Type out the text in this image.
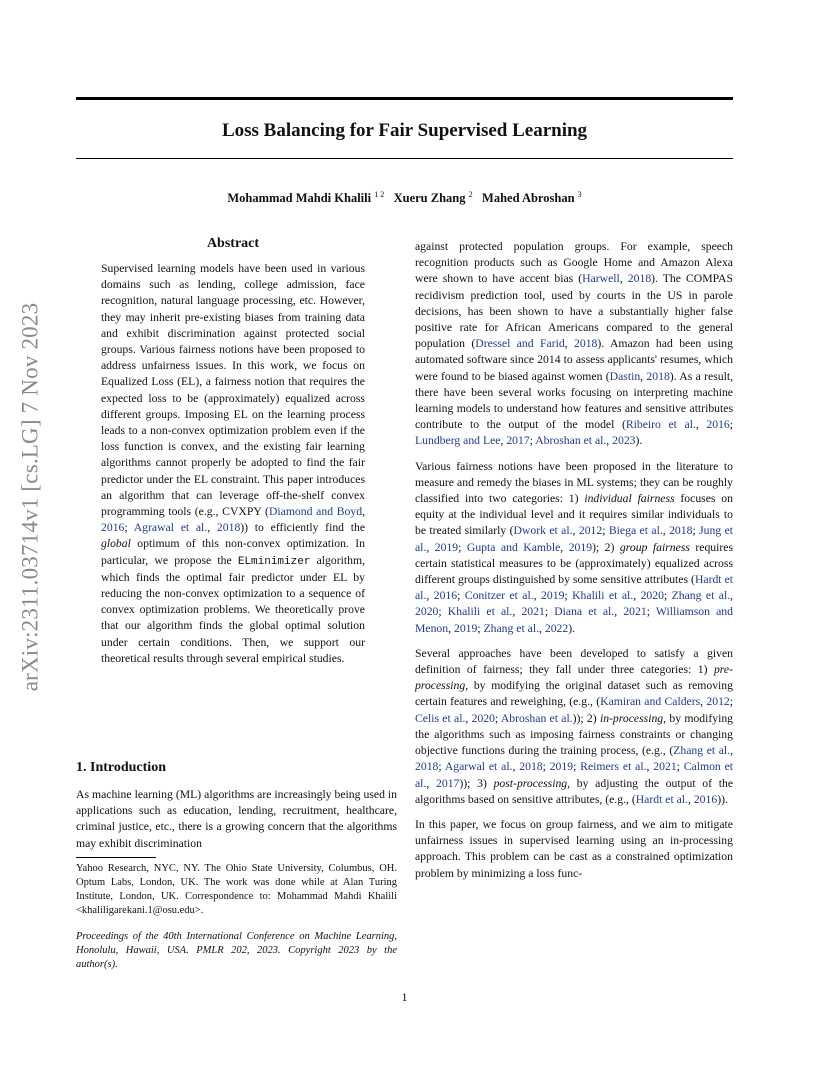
Loss Balancing for Fair Supervised Learning
Mohammad Mahdi Khalili $^{1 2}$ Xueru Zhang $^2$ Mahed Abroshan $^3$
arXiv:2311.03714v1 [cs.LG] 7 Nov 2023
Abstract

Supervised learning models have been used in various domains such as lending, college admission, face recognition, natural language processing, etc. However, they may inherit pre-existing biases from training data and exhibit discrimination against protected social groups. Various fairness notions have been proposed to address unfairness issues. In this work, we focus on Equalized Loss (EL), a fairness notion that requires the expected loss to be (approximately) equalized across different groups. Imposing EL on the learning process leads to a non-convex optimization problem even if the loss function is convex, and the existing fair learning algorithms cannot properly be adopted to find the fair predictor under the EL constraint. This paper introduces an algorithm that can leverage off-the-shelf convex programming tools (e.g., CVXPY (Diamond and Boyd, 2016; Agrawal et al., 2018)) to efficiently find the global optimum of this non-convex optimization. In particular, we propose the ELminimizer algorithm, which finds the optimal fair predictor under EL by reducing the non-convex optimization to a sequence of convex optimization problems. We theoretically prove that our algorithm finds the global optimal solution under certain conditions. Then, we support our theoretical results through several empirical studies.

1. Introduction

As machine learning (ML) algorithms are increasingly being used in applications such as education, lending, recruitment, healthcare, criminal justice, etc., there is a growing concern that the algorithms may exhibit discrimination

Yahoo Research, NYC, NY. The Ohio State University, Columbus, OH. Optum Labs, London, UK. The work was done while at Alan Turing Institute, London, UK. Correspondence to: Mohammad Mahdi Khalili <khaliligarekani.1@osu.edu>.
Proceedings of the 40th International Conference on Machine Learning, Honolulu, Hawaii, USA. PMLR 202, 2023. Copyright 2023 by the author(s).

against protected population groups. For example, speech recognition products such as Google Home and Amazon Alexa were shown to have accent bias (Harwell, 2018). The COMPAS recidivism prediction tool, used by courts in the US in parole decisions, has been shown to have a substantially higher false positive rate for African Americans compared to the general population (Dressel and Farid, 2018). Amazon had been using automated software since 2014 to assess applicants' resumes, which were found to be biased against women (Dastin, 2018). As a result, there have been several works focusing on interpreting machine learning models to understand how features and sensitive attributes contribute to the output of the model (Ribeiro et al., 2016; Lundberg and Lee, 2017; Abroshan et al., 2023).

Various fairness notions have been proposed in the literature to measure and remedy the biases in ML systems; they can be roughly classified into two categories: 1) individual fairness focuses on equity at the individual level and it requires similar individuals to be treated similarly (Dwork et al., 2012; Biega et al., 2018; Jung et al., 2019; Gupta and Kamble, 2019); 2) group fairness requires certain statistical measures to be (approximately) equalized across different groups distinguished by some sensitive attributes (Hardt et al., 2016; Conitzer et al., 2019; Khalili et al., 2020; Zhang et al., 2020; Khalili et al., 2021; Diana et al., 2021; Williamson and Menon, 2019; Zhang et al., 2022).

Several approaches have been developed to satisfy a given definition of fairness; they fall under three categories: 1) pre-processing, by modifying the original dataset such as removing certain features and reweighing, (e.g., (Kamiran and Calders, 2012; Celis et al., 2020; Abroshan et al.)); 2) in-processing, by modifying the algorithms such as imposing fairness constraints or changing objective functions during the training process, (e.g., (Zhang et al., 2018; Agarwal et al., 2018; 2019; Reimers et al., 2021; Calmon et al., 2017)); 3) post-processing, by adjusting the output of the algorithms based on sensitive attributes, (e.g., (Hardt et al., 2016)).

In this paper, we focus on group fairness, and we aim to mitigate unfairness issues in supervised learning using an in-processing approach. This problem can be cast as a constrained optimization problem by minimizing a loss func-

1
